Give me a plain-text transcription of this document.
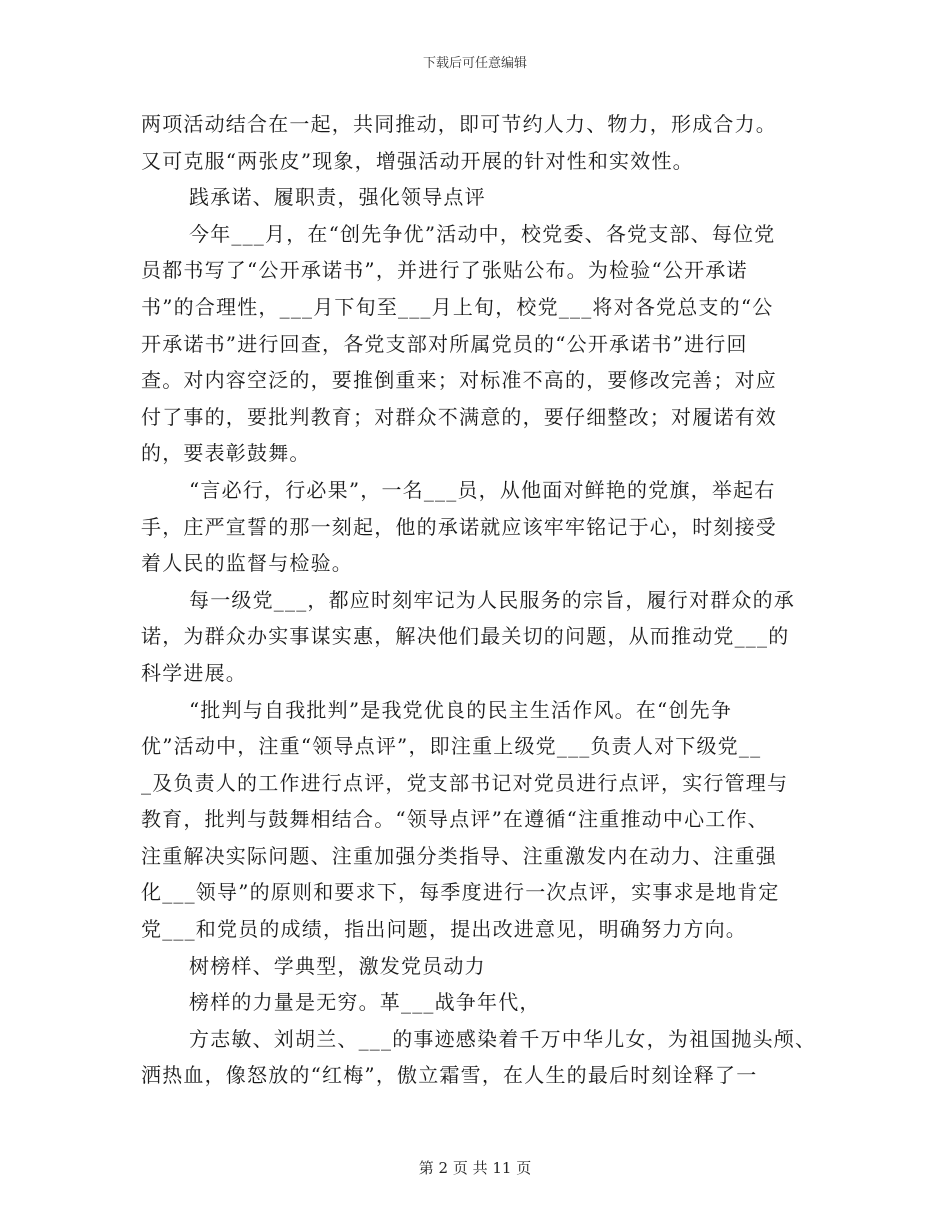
下载后可任意编辑
两项活动结合在一起，共同推动，即可节约人力、物力，形成合力。
又可克服“两张皮”现象，增强活动开展的针对性和实效性。
践承诺、履职责，强化领导点评
今年___月，在“创先争优”活动中，校党委、各党支部、每位党
员都书写了“公开承诺书”，并进行了张贴公布。为检验“公开承诺
书”的合理性，___月下旬至___月上旬，校党___将对各党总支的“公
开承诺书”进行回查，各党支部对所属党员的“公开承诺书”进行回
查。对内容空泛的，要推倒重来；对标准不高的，要修改完善；对应
付了事的，要批判教育；对群众不满意的，要仔细整改；对履诺有效
的，要表彰鼓舞。
“言必行，行必果”，一名___员，从他面对鲜艳的党旗，举起右
手，庄严宣誓的那一刻起，他的承诺就应该牢牢铭记于心，时刻接受
着人民的监督与检验。
每一级党___，都应时刻牢记为人民服务的宗旨，履行对群众的承
诺，为群众办实事谋实惠，解决他们最关切的问题，从而推动党___的
科学进展。
“批判与自我批判”是我党优良的民主生活作风。在“创先争
优”活动中，注重“领导点评”，即注重上级党___负责人对下级党__
_及负责人的工作进行点评，党支部书记对党员进行点评，实行管理与
教育，批判与鼓舞相结合。“领导点评”在遵循“注重推动中心工作、
注重解决实际问题、注重加强分类指导、注重激发内在动力、注重强
化___领导”的原则和要求下，每季度进行一次点评，实事求是地肯定
党___和党员的成绩，指出问题，提出改进意见，明确努力方向。
树榜样、学典型，激发党员动力
榜样的力量是无穷。革___战争年代，
方志敏、刘胡兰、___的事迹感染着千万中华儿女，为祖国抛头颅、
洒热血，像怒放的“红梅”，傲立霜雪，在人生的最后时刻诠释了一
第 2 页 共 11 页
